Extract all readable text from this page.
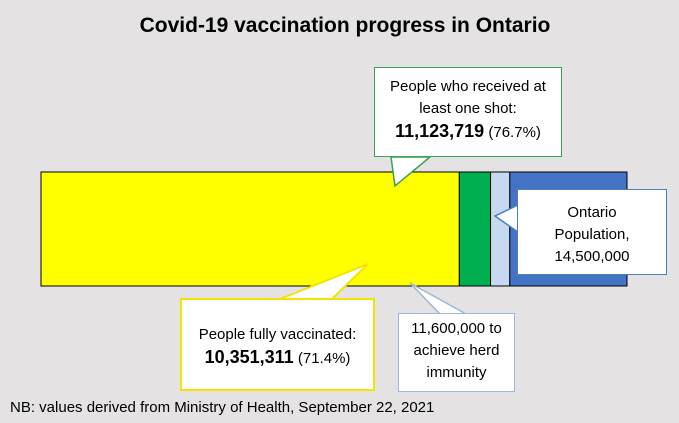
Covid-19 vaccination progress in Ontario
People who received at
least one shot:
11,123,719 (76.7%)
Ontario
Population,
14,500,000
People fully vaccinated:
10,351,311 (71.4%)
11,600,000 to
achieve herd
immunity
NB: values derived from Ministry of Health, September 22, 2021
